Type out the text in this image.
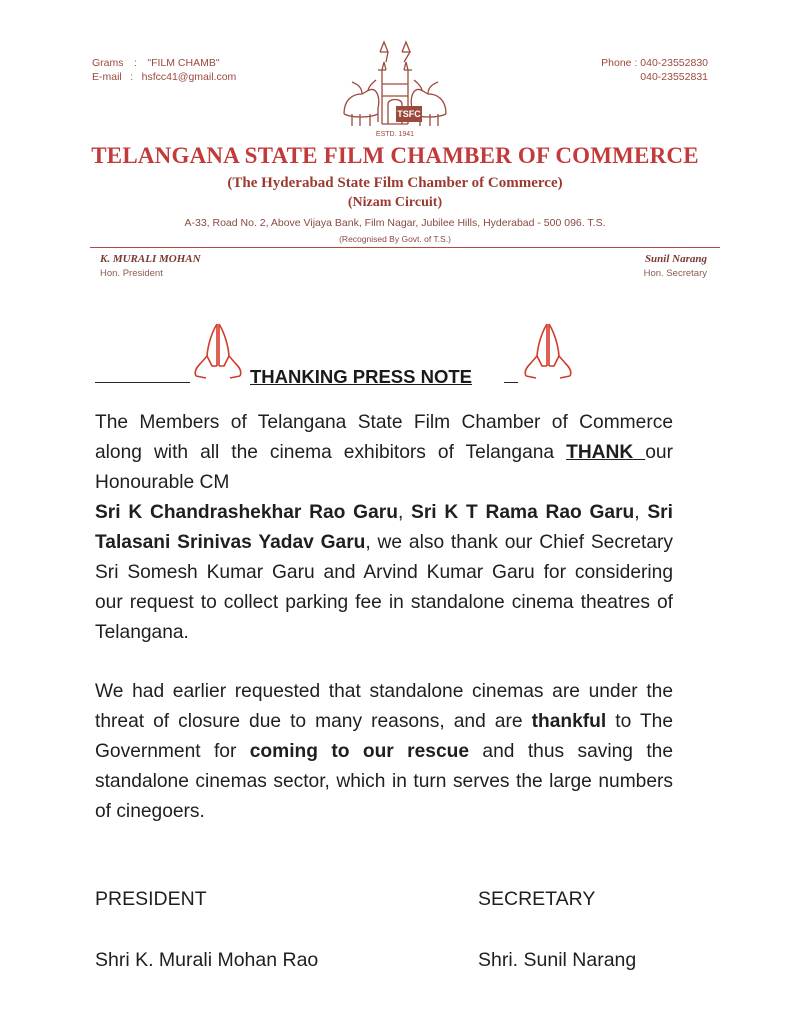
Grams : "FILM CHAMB"
E-mail : hsfcc41@gmail.com
Phone : 040-23552830
040-23552831
TSFC
ESTD. 1941
TELANGANA STATE FILM CHAMBER OF COMMERCE
(The Hyderabad State Film Chamber of Commerce)
(Nizam Circuit)
A-33, Road No. 2, Above Vijaya Bank, Film Nagar, Jubilee Hills, Hyderabad - 500 096. T.S.
(Recognised By Govt. of T.S.)
K. MURALI MOHAN
Hon. President
Sunil Narang
Hon. Secretary
THANKING PRESS NOTE
The Members of Telangana State Film Chamber of Commerce along with all the cinema exhibitors of Telangana THANK our Honourable CM
Sri K Chandrashekhar Rao Garu, Sri K T Rama Rao Garu, Sri Talasani Srinivas Yadav Garu, we also thank our Chief Secretary Sri Somesh Kumar Garu and Arvind Kumar Garu for considering our request to collect parking fee in standalone cinema theatres of Telangana.
We had earlier requested that standalone cinemas are under the threat of closure due to many reasons, and are thankful to The Government for coming to our rescue and thus saving the standalone cinemas sector, which in turn serves the large numbers of cinegoers.
PRESIDENT	SECRETARY
Shri K. Murali Mohan Rao	Shri. Sunil Narang
